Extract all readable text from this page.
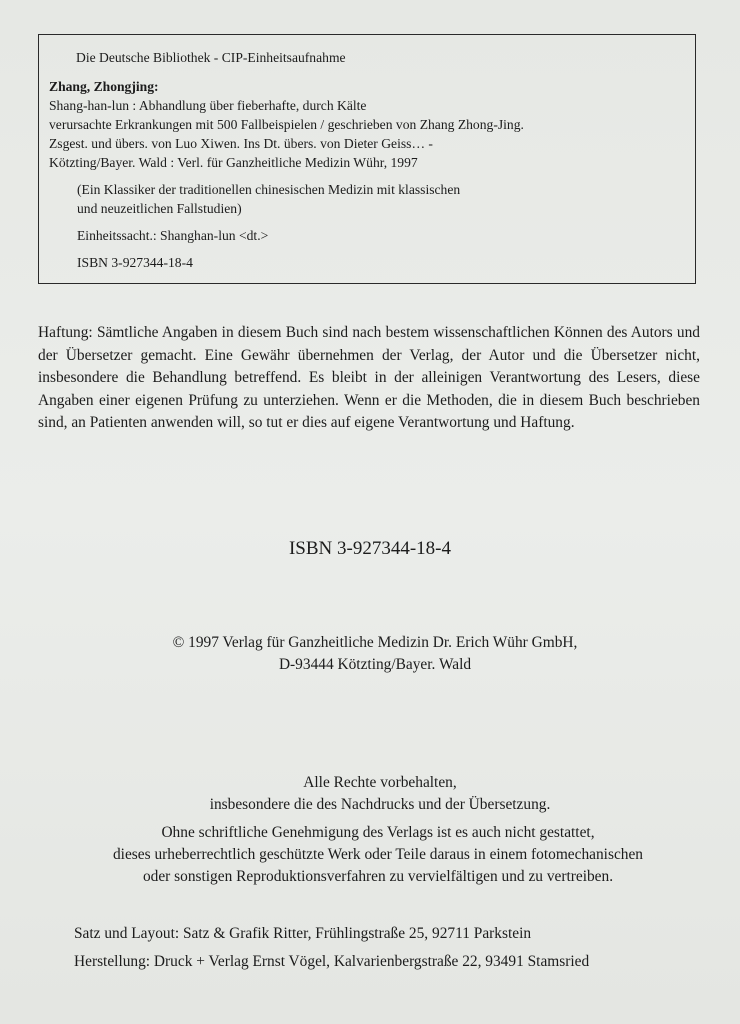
Die Deutsche Bibliothek - CIP-Einheitsaufnahme
Zhang, Zhongjing:
Shang-han-lun : Abhandlung über fieberhafte, durch Kälte
verursachte Erkrankungen mit 500 Fallbeispielen / geschrieben von Zhang Zhong-Jing.
Zsgest. und übers. von Luo Xiwen. Ins Dt. übers. von Dieter Geiss… -
Kötzting/Bayer. Wald : Verl. für Ganzheitliche Medizin Wühr, 1997
(Ein Klassiker der traditionellen chinesischen Medizin mit klassischen
und neuzeitlichen Fallstudien)
Einheitssacht.: Shanghan-lun <dt.>
ISBN 3-927344-18-4
Haftung: Sämtliche Angaben in diesem Buch sind nach bestem wissenschaftlichen Können des Autors und der Übersetzer gemacht. Eine Gewähr übernehmen der Verlag, der Autor und die Übersetzer nicht, insbesondere die Behandlung betreffend. Es bleibt in der alleinigen Verantwortung des Lesers, diese Angaben einer eigenen Prüfung zu unterziehen. Wenn er die Methoden, die in diesem Buch beschrieben sind, an Patienten anwenden will, so tut er dies auf eigene Verantwortung und Haftung.
ISBN 3-927344-18-4
© 1997 Verlag für Ganzheitliche Medizin Dr. Erich Wühr GmbH,
D-93444 Kötzting/Bayer. Wald
Alle Rechte vorbehalten,
insbesondere die des Nachdrucks und der Übersetzung.
Ohne schriftliche Genehmigung des Verlags ist es auch nicht gestattet,
dieses urheberrechtlich geschützte Werk oder Teile daraus in einem fotomechanischen
oder sonstigen Reproduktionsverfahren zu vervielfältigen und zu vertreiben.
Satz und Layout: Satz & Grafik Ritter, Frühlingstraße 25, 92711 Parkstein
Herstellung: Druck + Verlag Ernst Vögel, Kalvarienbergstraße 22, 93491 Stamsried
